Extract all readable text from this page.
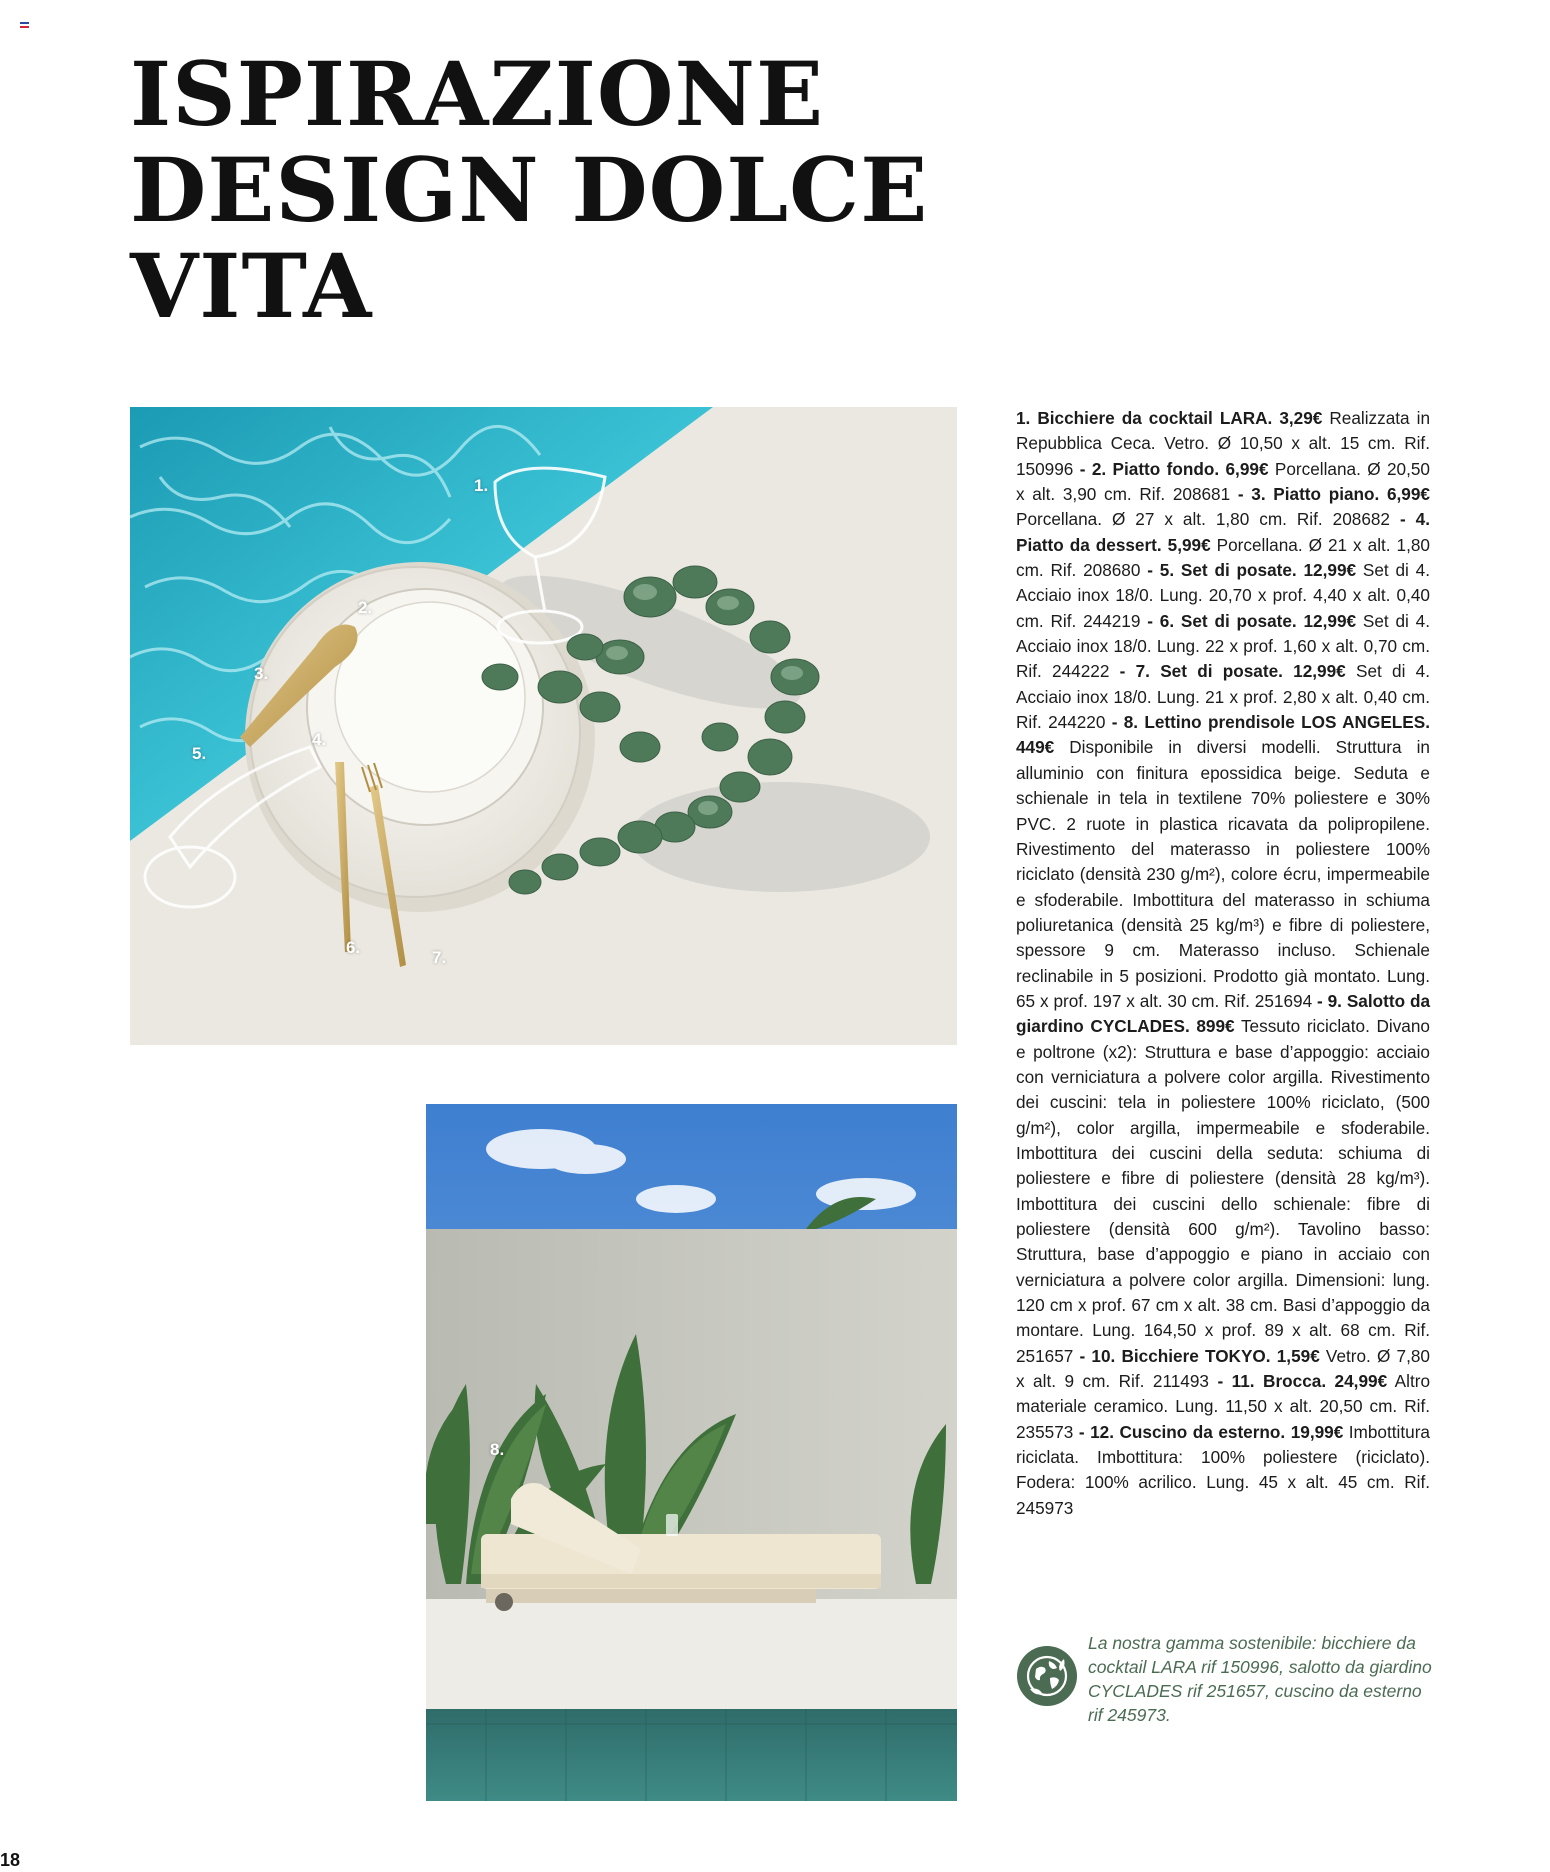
ISPIRAZIONE
DESIGN DOLCE
VITA
1.
2.
3.
4.
5.
6.
7.
8.
1. Bicchiere da cocktail LARA. 3,29€ Realizzata in Repubblica Ceca. Vetro. Ø 10,50 x alt. 15 cm. Rif. 150996 - 2. Piatto fondo. 6,99€ Porcellana. Ø 20,50 x alt. 3,90 cm. Rif. 208681 - 3. Piatto piano. 6,99€ Porcellana. Ø 27 x alt. 1,80 cm. Rif. 208682 - 4. Piatto da dessert. 5,99€ Porcellana. Ø 21 x alt. 1,80 cm. Rif. 208680 - 5. Set di posate. 12,99€ Set di 4. Acciaio inox 18/0. Lung. 20,70 x prof. 4,40 x alt. 0,40 cm. Rif. 244219 - 6. Set di posate. 12,99€ Set di 4. Acciaio inox 18/0. Lung. 22 x prof. 1,60 x alt. 0,70 cm. Rif. 244222 - 7. Set di posate. 12,99€ Set di 4. Acciaio inox 18/0. Lung. 21 x prof. 2,80 x alt. 0,40 cm. Rif. 244220 - 8. Lettino prendisole LOS ANGELES. 449€ Disponibile in diversi modelli. Struttura in alluminio con finitura epossidica beige. Seduta e schienale in tela in textilene 70% poliestere e 30% PVC. 2 ruote in plastica ricavata da polipropilene. Rivestimento del materasso in poliestere 100% riciclato (densità 230 g/m²), colore écru, impermeabile e sfoderabile. Imbottitura del materasso in schiuma poliuretanica (densità 25 kg/m³) e fibre di poliestere, spessore 9 cm. Materasso incluso. Schienale reclinabile in 5 posizioni. Prodotto già montato. Lung. 65 x prof. 197 x alt. 30 cm. Rif. 251694 - 9. Salotto da giardino CYCLADES. 899€ Tessuto riciclato. Divano e poltrone (x2): Struttura e base d’appoggio: acciaio con verniciatura a polvere color argilla. Rivestimento dei cuscini: tela in poliestere 100% riciclato, (500 g/m²), color argilla, impermeabile e sfoderabile. Imbottitura dei cuscini della seduta: schiuma di poliestere e fibre di poliestere (densità 28 kg/m³). Imbottitura dei cuscini dello schienale: fibre di poliestere (densità 600 g/m²). Tavolino basso: Struttura, base d’appoggio e piano in acciaio con verniciatura a polvere color argilla. Dimensioni: lung. 120 cm x prof. 67 cm x alt. 38 cm. Basi d’appoggio da montare. Lung. 164,50 x prof. 89 x alt. 68 cm. Rif. 251657 - 10. Bicchiere TOKYO. 1,59€ Vetro. Ø 7,80 x alt. 9 cm. Rif. 211493 - 11. Brocca. 24,99€ Altro materiale ceramico. Lung. 11,50 x alt. 20,50 cm. Rif. 235573 - 12. Cuscino da esterno. 19,99€ Imbottitura riciclata. Imbottitura: 100% poliestere (riciclato). Fodera: 100% acrilico. Lung. 45 x alt. 45 cm. Rif. 245973
La nostra gamma sostenibile: bicchiere da cocktail LARA rif 150996, salotto da giardino CYCLADES rif 251657, cuscino da esterno rif 245973.
18
